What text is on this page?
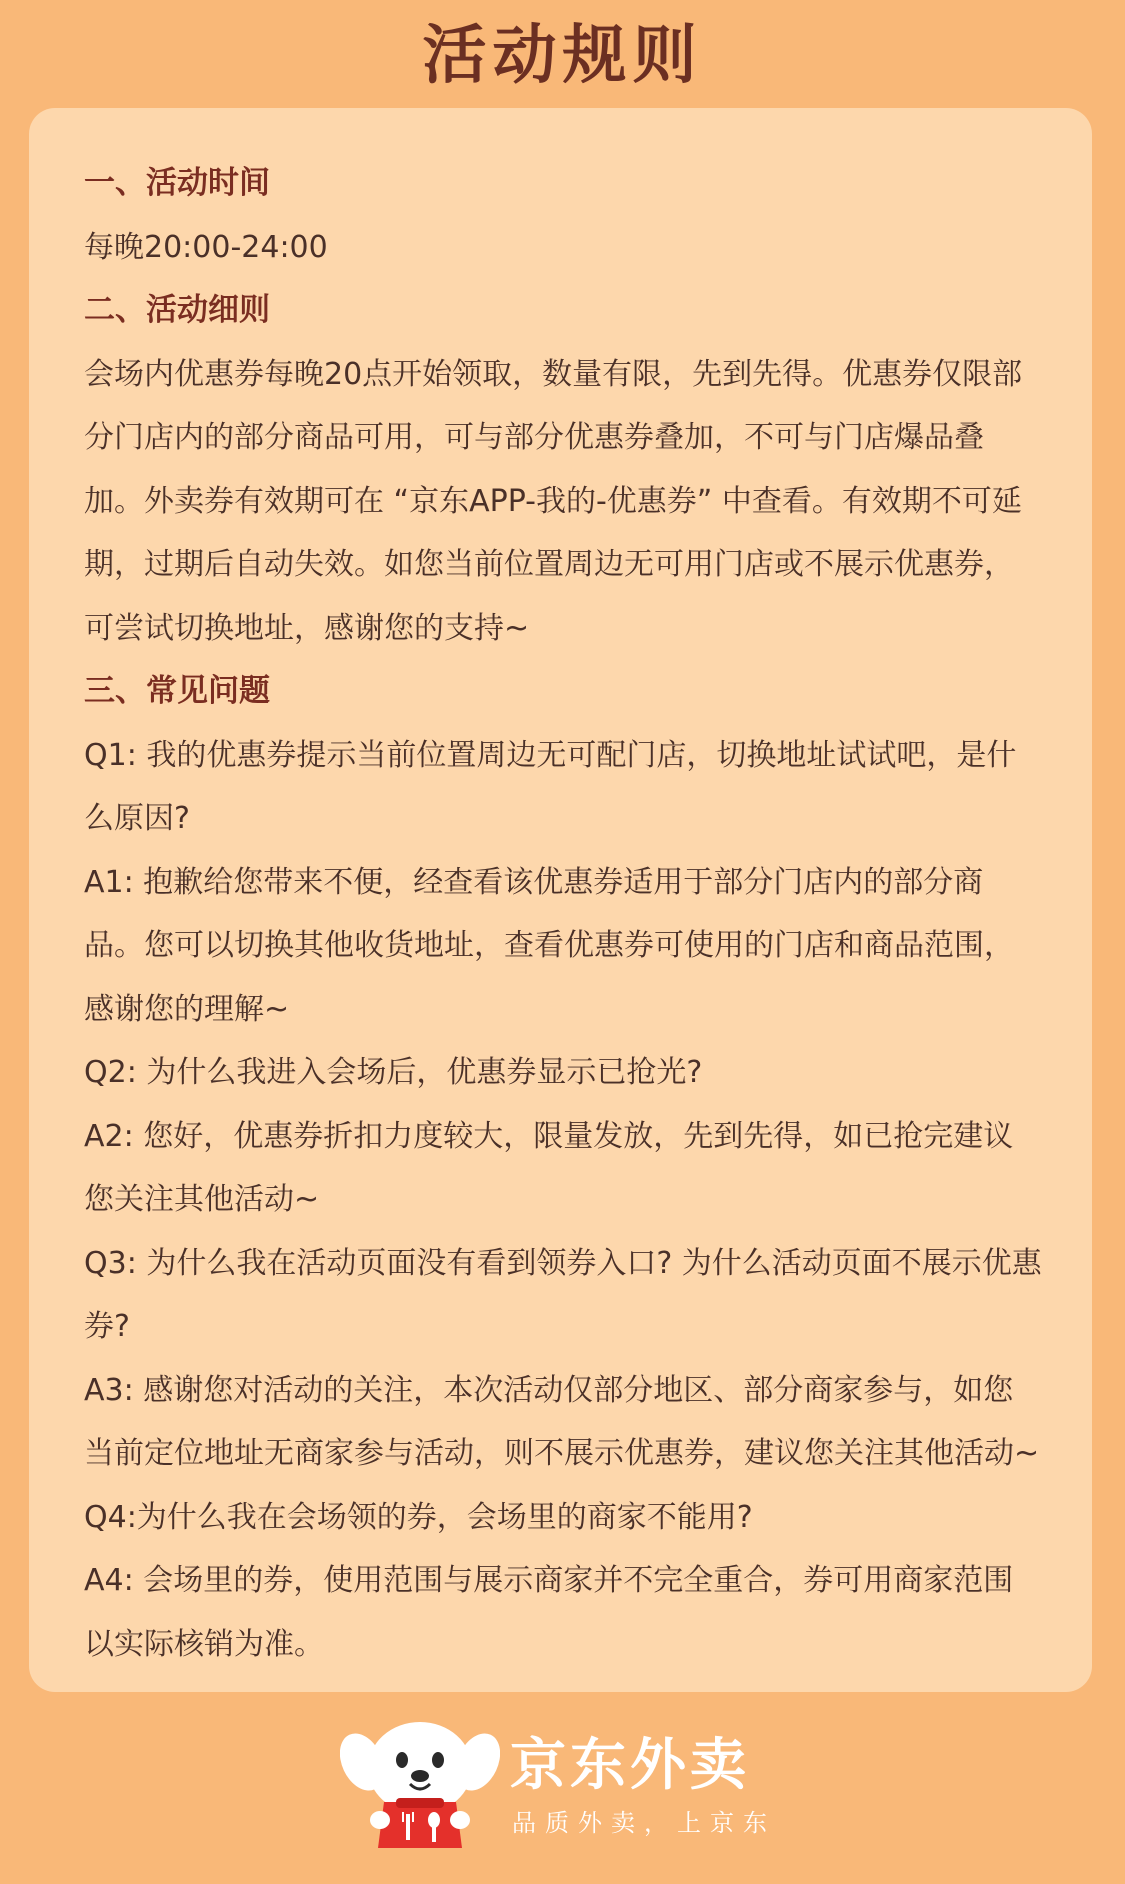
活动规则
一、活动时间

每晚20:00-24:00

二、活动细则

会场内优惠券每晚20点开始领取，数量有限，先到先得。优惠券仅限部分门店内的部分商品可用，可与部分优惠券叠加，不可与门店爆品叠加。外卖券有效期可在 “京东APP-我的-优惠券” 中查看。有效期不可延期，过期后自动失效。如您当前位置周边无可用门店或不展示优惠券，可尝试切换地址，感谢您的支持~

三、常见问题

Q1: 我的优惠券提示当前位置周边无可配门店，切换地址试试吧，是什么原因?

A1: 抱歉给您带来不便，经查看该优惠券适用于部分门店内的部分商品。您可以切换其他收货地址，查看优惠券可使用的门店和商品范围，感谢您的理解~

Q2: 为什么我进入会场后，优惠券显示已抢光?

A2: 您好，优惠券折扣力度较大，限量发放，先到先得，如已抢完建议您关注其他活动~

Q3: 为什么我在活动页面没有看到领券入口? 为什么活动页面不展示优惠券?

A3: 感谢您对活动的关注，本次活动仅部分地区、部分商家参与，如您当前定位地址无商家参与活动，则不展示优惠券，建议您关注其他活动~

Q4:为什么我在会场领的券，会场里的商家不能用?

A4: 会场里的券，使用范围与展示商家并不完全重合，券可用商家范围以实际核销为准。

京东外卖
品质外卖，上京东
